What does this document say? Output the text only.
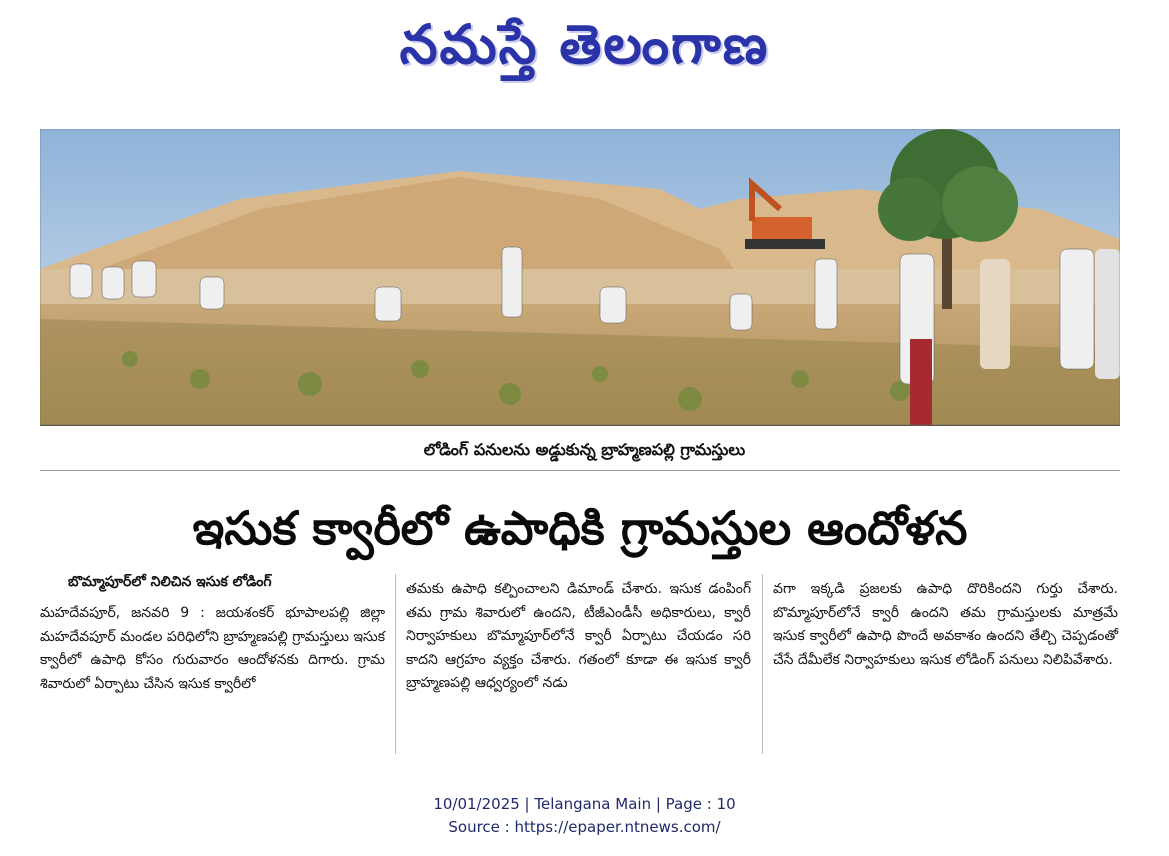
నమస్తే తెలంగాణ
లోడింగ్ పనులను అడ్డుకున్న బ్రాహ్మణపల్లి గ్రామస్తులు
ఇసుక క్వారీలో ఉపాధికి గ్రామస్తుల ఆందోళన
బొమ్మాపూర్‌లో నిలిచిన ఇసుక లోడింగ్

మహదేవపూర్, జనవరి 9 : జయశంకర్ భూపాలపల్లి జిల్లా మహదేవపూర్ మండల పరిధిలోని బ్రాహ్మణపల్లి గ్రామస్తులు ఇసుక క్వారీలో ఉపాధి కోసం గురువారం ఆందోళనకు దిగారు. గ్రామ శివారులో ఏర్పాటు చేసిన ఇసుక క్వారీలో

తమకు ఉపాధి కల్పించాలని డిమాండ్ చేశారు. ఇసుక డంపింగ్ తమ గ్రామ శివారులో ఉందని, టీజీఎండీసీ అధికారులు, క్వారీ నిర్వాహకులు బొమ్మాపూర్‌లోనే క్వారీ ఏర్పాటు చేయడం సరి కాదని ఆగ్రహం వ్యక్తం చేశారు. గతంలో కూడా ఈ ఇసుక క్వారీ బ్రాహ్మణపల్లి ఆధ్వర్యంలో నడు

వగా ఇక్కడి ప్రజలకు ఉపాధి దొరికిందని గుర్తు చేశారు. బొమ్మాపూర్‌లోనే క్వారీ ఉందని తమ గ్రామస్తులకు మాత్రమే ఇసుక క్వారీలో ఉపాధి పొందే అవకాశం ఉందని తేల్చి చెప్పడంతో చేసే దేమీలేక నిర్వాహకులు ఇసుక లోడింగ్ పనులు నిలిపివేశారు.

10/01/2025 | Telangana Main | Page : 10
Source : https://epaper.ntnews.com/
